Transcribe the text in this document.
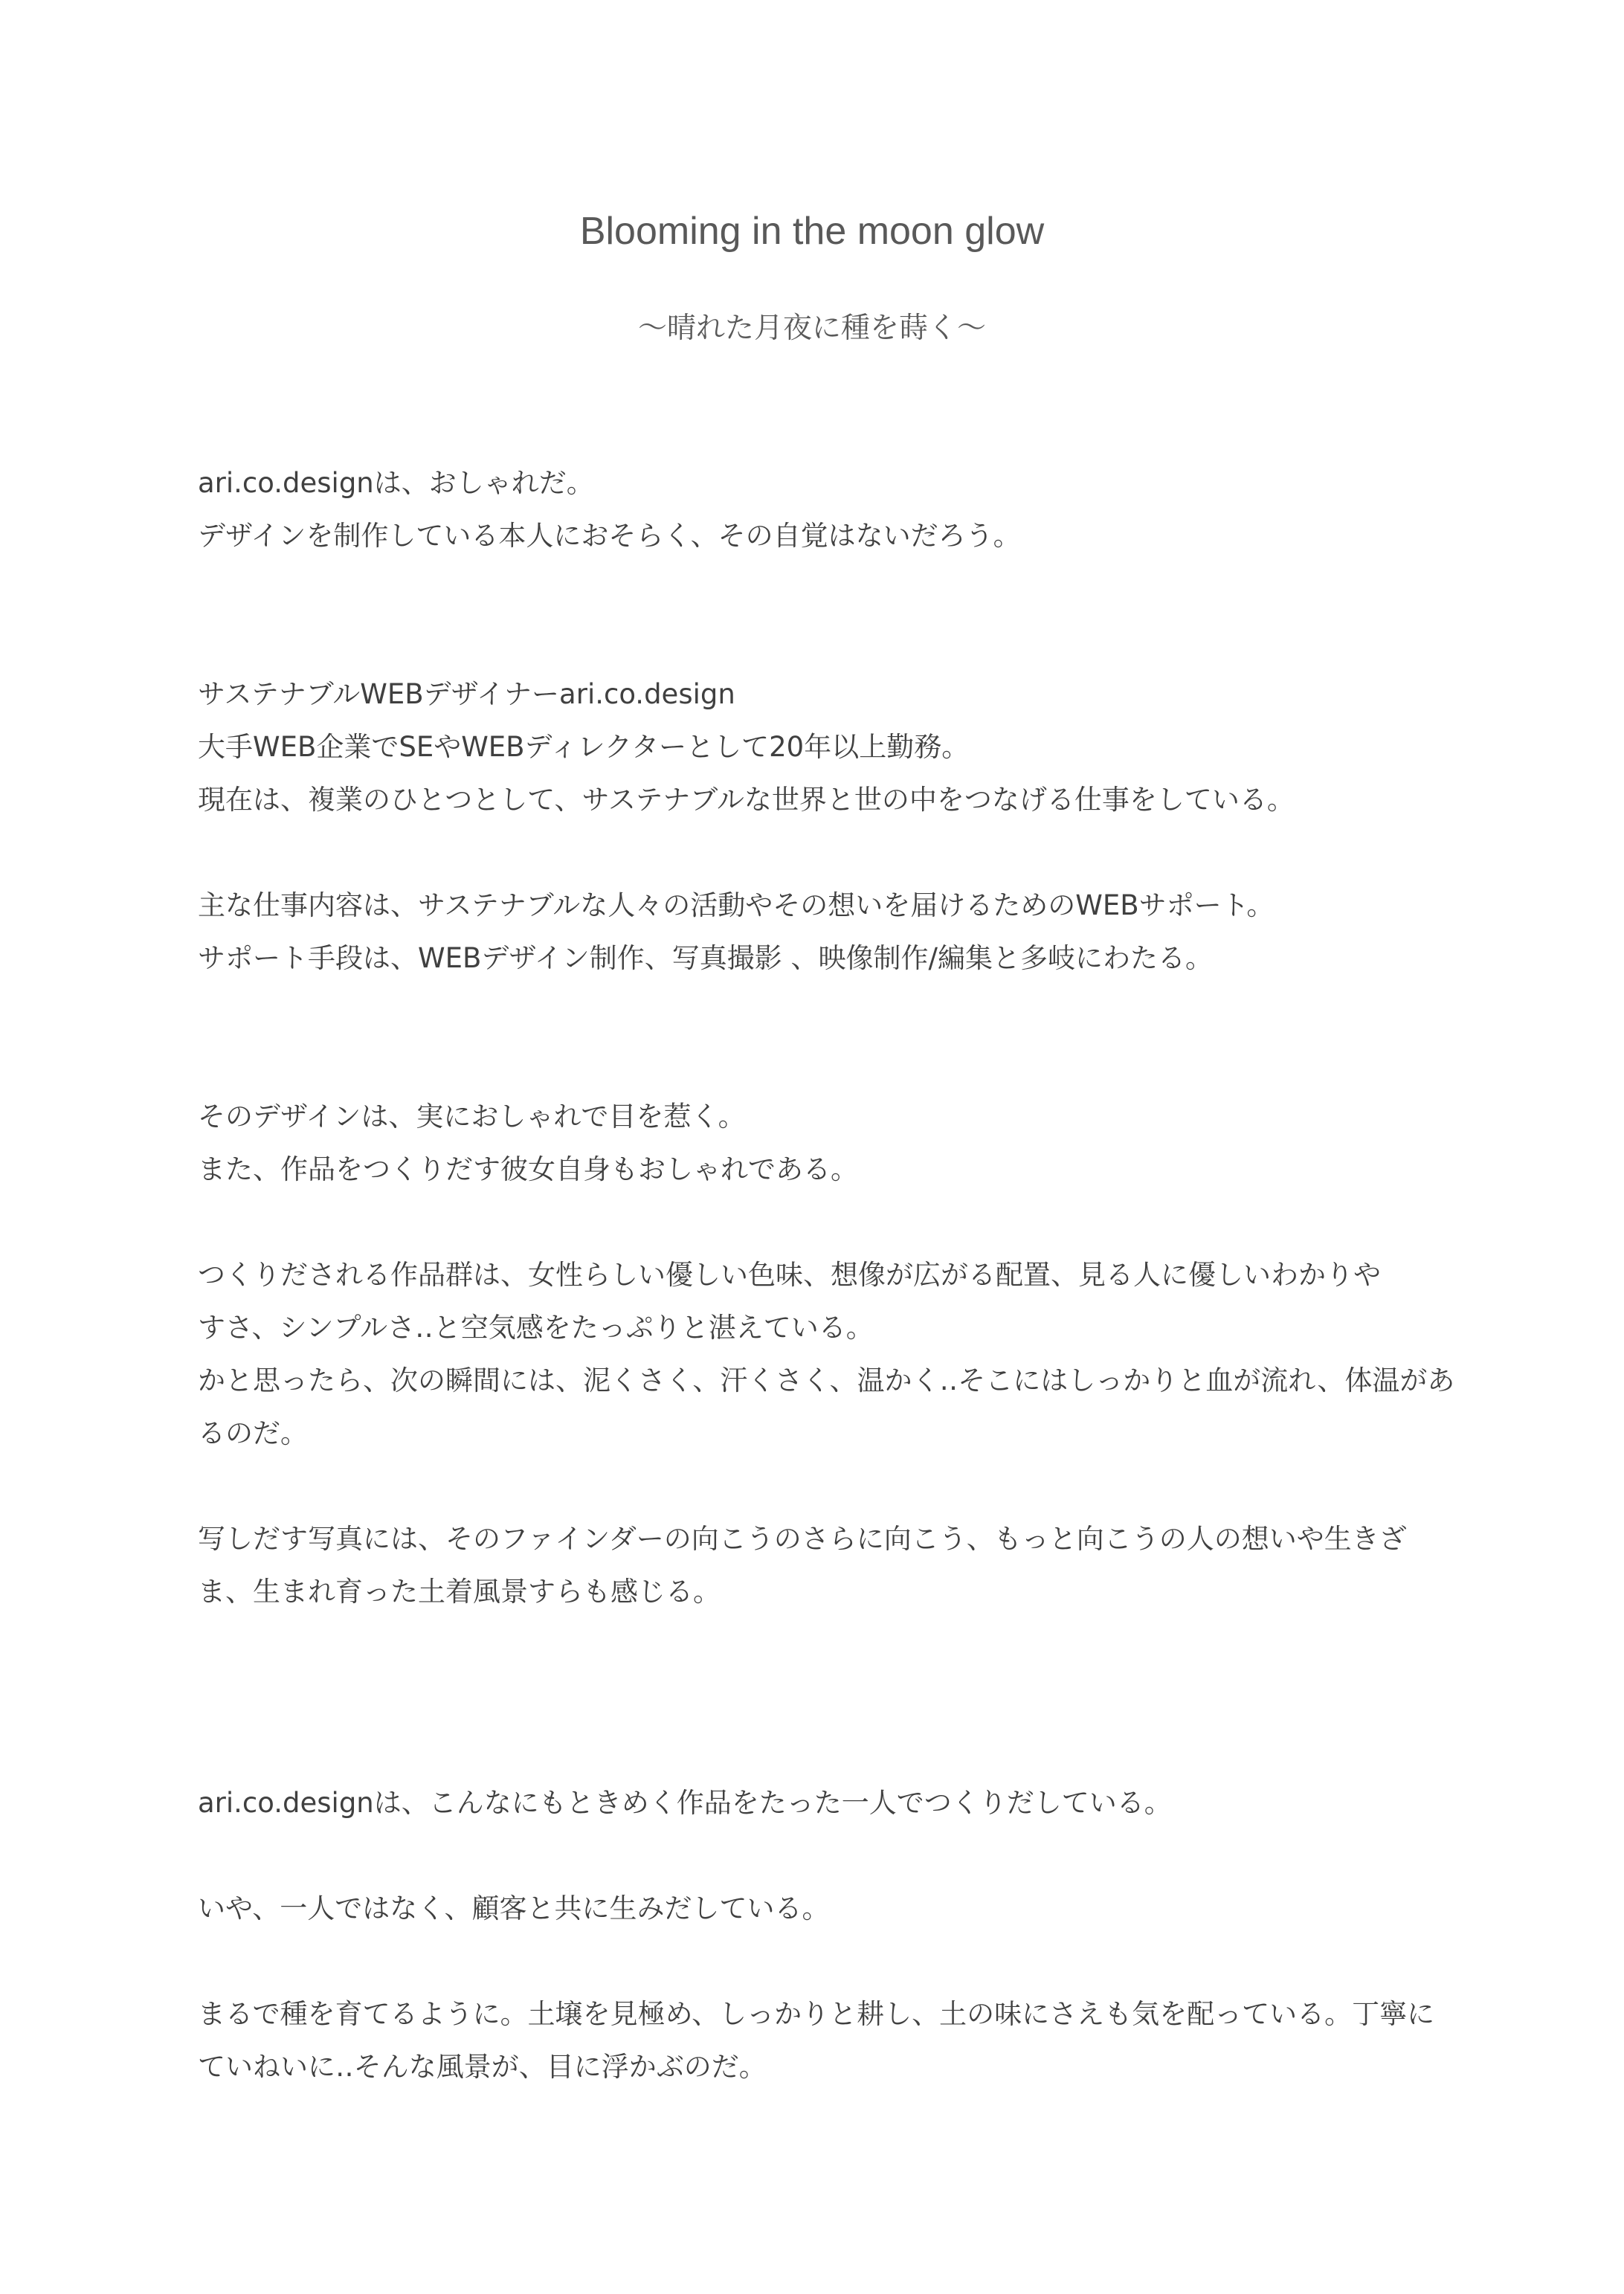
Blooming in the moon glow
〜晴れた月夜に種を蒔く〜
ari.co.designは、おしゃれだ。
デザインを制作している本人におそらく、その自覚はないだろう。
サステナブルWEBデザイナーari.co.design
大手WEB企業でSEやWEBディレクターとして20年以上勤務。
現在は、複業のひとつとして、サステナブルな世界と世の中をつなげる仕事をしている。
主な仕事内容は、サステナブルな人々の活動やその想いを届けるためのWEBサポート。
サポート手段は、WEBデザイン制作、写真撮影 、映像制作/編集と多岐にわたる。
そのデザインは、実におしゃれで目を惹く。
また、作品をつくりだす彼女自身もおしゃれである。
つくりだされる作品群は、女性らしい優しい色味、想像が広がる配置、見る人に優しいわかりや
すさ、シンプルさ‥と空気感をたっぷりと湛えている。
かと思ったら、次の瞬間には、泥くさく、汗くさく、温かく‥そこにはしっかりと血が流れ、体温があ
るのだ。
写しだす写真には、そのファインダーの向こうのさらに向こう、もっと向こうの人の想いや生きざ
ま、生まれ育った土着風景すらも感じる。
ari.co.designは、こんなにもときめく作品をたった一人でつくりだしている。
いや、一人ではなく、顧客と共に生みだしている。
まるで種を育てるように。土壌を見極め、しっかりと耕し、土の味にさえも気を配っている。丁寧に
ていねいに‥そんな風景が、目に浮かぶのだ。
